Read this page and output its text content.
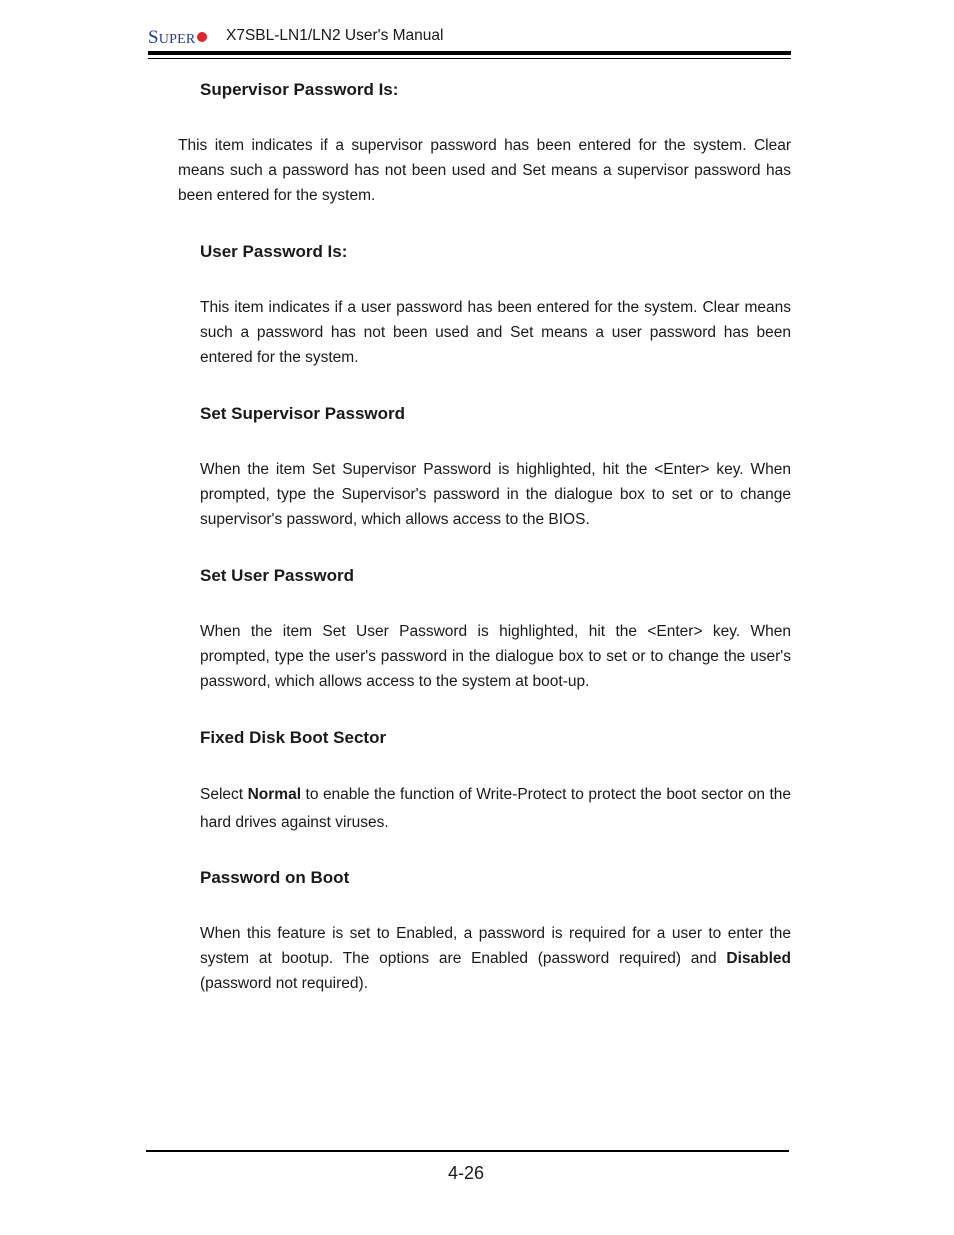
SUPER	X7SBL-LN1/LN2 User's Manual
Supervisor Password Is:
This item indicates if a supervisor password has been entered for the system. Clear means such a password has not been used and Set means a supervisor password has been entered for the system.
User Password Is:
This item indicates if a user password has been entered for the system. Clear means such a password has not been used and Set means a user password has been entered for the system.
Set Supervisor Password
When the item Set Supervisor Password is highlighted, hit the <Enter> key. When prompted, type the Supervisor's password in the dialogue box to set or to change supervisor's password, which allows access to the BIOS.
Set User Password
When the item Set User Password is highlighted, hit the <Enter> key. When prompted, type the user's password in the dialogue box to set or to change the user's password, which allows access to the system at boot-up.
Fixed Disk Boot Sector
Select Normal to enable the function of Write-Protect to protect the boot sector on the hard drives against viruses.
Password on Boot
When this feature is set to Enabled, a password is required for a user to enter the system at bootup. The options are Enabled (password required) and Disabled (password not required).
4-26
